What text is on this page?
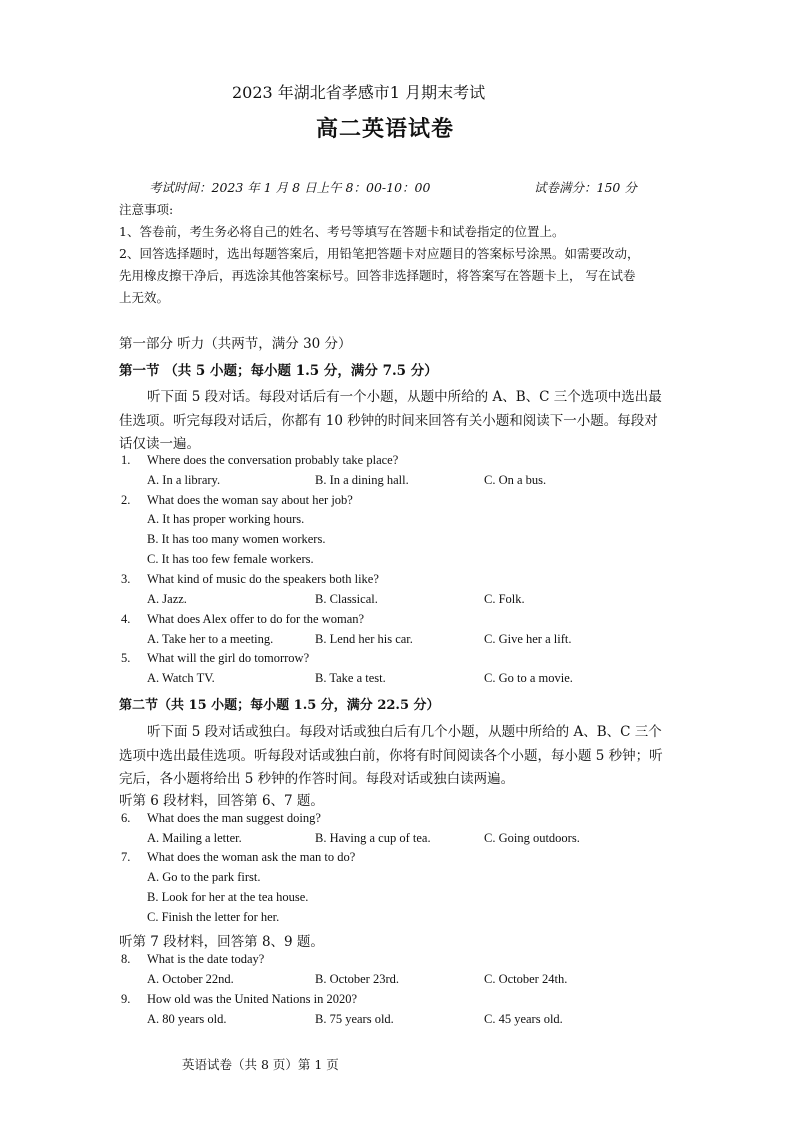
2023 年湖北省孝感市1 月期末考试
高二英语试卷
考试时间：2023 年 1 月 8 日上午 8：00-10：00	试卷满分：150 分
注意事项:
1、答卷前，考生务必将自己的姓名、考号等填写在答题卡和试卷指定的位置上。
2、回答选择题时，选出每题答案后，用铅笔把答题卡对应题目的答案标号涂黑。如需要改动，
先用橡皮擦干净后，再选涂其他答案标号。回答非选择题时，将答案写在答题卡上， 写在试卷
上无效。
第一部分 听力（共两节，满分 30 分）
第一节 （共 5 小题；每小题 1.5 分，满分 7.5 分）
听下面 5 段对话。每段对话后有一个小题，从题中所给的 A、B、C 三个选项中选出最
佳选项。听完每段对话后，你都有 10 秒钟的时间来回答有关小题和阅读下一小题。每段对
话仅读一遍。
1. Where does the conversation probably take place?
A. In a library.	B. In a dining hall.	C. On a bus.
2. What does the woman say about her job?
A. It has proper working hours.
B. It has too many women workers.
C. It has too few female workers.
3. What kind of music do the speakers both like?
A. Jazz.	B. Classical.	C. Folk.
4. What does Alex offer to do for the woman?
A. Take her to a meeting.	B. Lend her his car.	C. Give her a lift.
5. What will the girl do tomorrow?
A. Watch TV.	B. Take a test.	C. Go to a movie.
第二节（共 15 小题；每小题 1.5 分，满分 22.5 分）
听下面 5 段对话或独白。每段对话或独白后有几个小题，从题中所给的 A、B、C 三个
选项中选出最佳选项。听每段对话或独白前，你将有时间阅读各个小题，每小题 5 秒钟；听
完后，各小题将给出 5 秒钟的作答时间。每段对话或独白读两遍。
听第 6 段材料，回答第 6、7 题。
6. What does the man suggest doing?
A. Mailing a letter.	B. Having a cup of tea.	C. Going outdoors.
7. What does the woman ask the man to do?
A. Go to the park first.
B. Look for her at the tea house.
C. Finish the letter for her.
听第 7 段材料，回答第 8、9 题。
8. What is the date today?
A. October 22nd.	B. October 23rd.	C. October 24th.
9. How old was the United Nations in 2020?
A. 80 years old.	B. 75 years old.	C. 45 years old.
英语试卷（共 8 页）第 1 页
